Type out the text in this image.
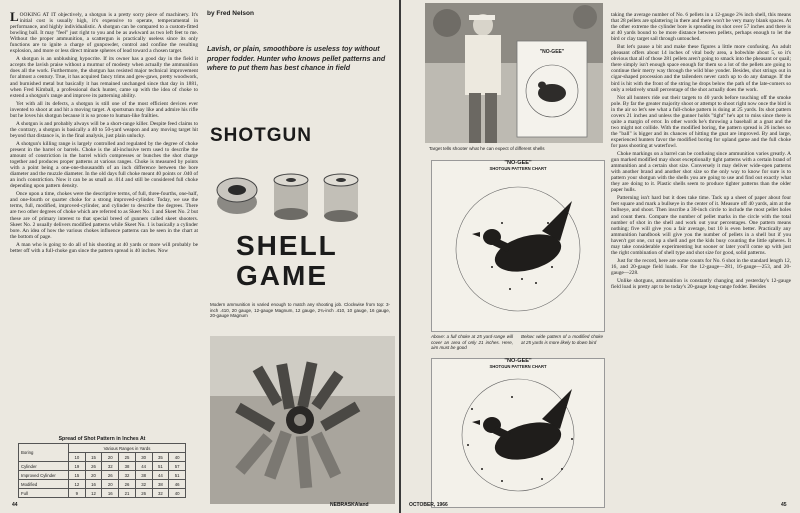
LOOKING AT IT objectively, a shotgun is a pretty sorry piece of machinery. It's initial cost is usually high, it's expensive to operate, temperamental in performance, and highly individualistic. A shotgun can be compared to a custom-fitted bowling ball. It may "feel" just right to you and be as awkward as two left feet to me. Without the proper ammunition, a scattergun is practically useless since its only functions are to ignite a charge of gunpowder, control and confine the resulting explosion, and more or less direct minute spheres of lead toward a chosen target.

A shotgun is an unblushing hypocrite. If its owner has a good day in the field it accepts the lavish praise without a murmur of modesty when actually the ammunition does all the work. Furthermore, the shotgun has resisted major technical improvement for almost a century. True, it has acquired fancy trims and gew-gaws, pretty woodwork, and burnished metal but basically it has remained unchanged since that day in 1881, when Fred Kimball, a professional duck hunter, came up with the idea of choke to extend a shotgun's range and improve its patterning ability.

Yet with all its defects, a shotgun is still one of the most efficient devices ever invented to shoot at and hit a moving target. A sportsman may like and admire his rifle but he loves his shotgun because it is so prone to human-like frailties.

A shotgun is and probably always will be a short-range killer. Despite feed claims to the contrary, a shotgun is basically a 40 to 50-yard weapon and any moving target hit beyond that distance is, in the final analysis, just plain unlucky.

A shotgun's killing range is largely controlled and regulated by the degree of choke present in the barrel or barrels. Choke is the all-inclusive term used to describe the amount of constriction in the barrel which compresses or bunches the shot charge together and produces proper patterns at various ranges. Choke is measured by points with a point being a one-one-thousandth of an inch difference between the bore diameter and the muzzle diameter. In the old days full choke meant 40 points or .040 of an inch constriction. Now it can be as small as .014 and still be considered full choke depending upon pattern density.

Once upon a time, chokes were the descriptive terms, of full, three-fourths, one-half, and one-fourth or quarter choke for a strong improved-cylinder. Today, we use the terms, full, modified, improved-cylinder, and cylinder to describe the degrees. There are two other degrees of choke which are referred to as Skeet No. 1 and Skeet No. 2 but these are of primary interest to that special breed of gunners called skeet shooters. Skeet No. 2 usually delivers modified patterns while Skeet No. 1 is basically a cylinder bore. An idea of how the various chokes influence patterns can be seen in the chart at the bottom of page.

A man who is going to do all of his shooting at 40 yards or more will probably be better off with a full-choke gun since the pattern spread is 40 inches. Now

by Fred Nelson
Lavish, or plain, smoothbore is useless toy without proper fodder. Hunter who knows pellet patterns and where to put them has best chance in field
SHOTGUN
SHELL GAME
Modern ammunition is varied enough to match any shooting job. Clockwise from top: 3-inch .410, 20 gauge, 12-gauge Magnum, 12 gauge, 2¾-inch .410, 10 gauge, 16 gauge, 20-gauge Magnum
Spread of Shot Pattern in Inches At
Boring	Various Ranges in Yards						
	10	15	20	25	30	35	40
Cylinder	19	26	32	38	44	51	57
Improved Cylinder	15	20	26	32	38	44	51
Modified	12	16	20	26	32	38	46
Full	9	12	16	21	26	32	40
44	NEBRASKAland
"NO-GEE"
Target tells shooter what he can expect of different shells
"NO-GEE"
SHOTGUN PATTERN CHART
Above: a full choke at 25 yard-range will cover an area of only 21 inches. Here, aim must be good
Below: wide pattern of a modified choke at 25 yards is more likely to down bird
"NO-GEE"
SHOTGUN PATTERN CHART

taking the average number of No. 6 pellets in a 12-gauge 2¾ inch shell, this means that 28 pellets are splattering in there and there won't be very many blank spaces. At the other extreme the cylinder bore is spreading its shot over 57 inches and there is at 40 yards bound to be more distance between pellets, perhaps enough to let the bird or clay target sail through untouched.

But let's pause a bit and make these figures a little more confusing. An adult pheasant offers about 14 inches of vital body area, a bobwhite about 5, so it's obvious that all of those 281 pellets aren't going to smack into the pheasant or quail; there simply isn't enough space enough for them so a lot of the pellets are going to continue their merry way through the wild blue yonder. Besides, shot strings out in cigar-shaped procession and the tailenders never catch up to do any damage. If the bird is hit with the front of the string he drops below the path of the late-comers so only a relatively small percentage of the shot actually does the work.

Not all hunters ride out their targets to 40 yards before touching off the smoke pole. By far the greater majority shoot or attempt to shoot right now once the bird is in the air so let's see what a full-choke pattern is doing at 25 yards. Its shot pattern covers 21 inches and unless the gunner holds "tight" he's apt to miss since there is quite a margin of error. In other words he's throwing a baseball at a gnat and the two might not collide. With the modified boring, the pattern spread is 26 inches so the "ball" is bigger and its chances of hitting the gnat are improved. By and large, experienced hunters favor the modified boring for upland game and the full choke for pass shooting at waterfowl.

Choke markings on a barrel can be confusing since ammunition varies greatly. A gun marked modified may shoot exceptionally tight patterns with a certain brand of ammunition and a certain shot size. Conversely it may deliver wide-open patterns with another brand and another shot size so the only way to know for sure is to pattern your shotgun with the shells you are going to use and find out exactly what they are doing to it. Plastic shells seem to produce tighter patterns than the older paper hulls.

Patterning isn't hard but it does take time. Tack up a sheet of paper about four feet square and mark a bullseye in the center of it. Measure off 40 yards, aim at the bullseye, and shoot. Then inscribe a 30-inch circle to include the most pellet holes and count them. Compare the number of pellet marks in the circle with the total number of shot in the shell and work out your percentages. One pattern means nothing; five will give you a fair average, but 10 is even better. Practically any ammunition handbook will give you the number of pellets in a shell but if you haven't got one, cut up a shell and get the kids busy counting the little spheres. It may take considerable experimenting but sooner or later you'll come up with just the right combination of shell type and shot size for good, solid patterns.

Just for the record, here are some counts for No. 6 shot in the standard length 12, 16, and 20-gauge field loads. For the 12-gauge—281, 16-gauge—253, and 20-gauge—228.

Unlike shotguns, ammunition is constantly changing and yesterday's 12-gauge field load is pretty apt to be today's 20-gauge long-range fodder. Besides

OCTOBER, 1966	45
